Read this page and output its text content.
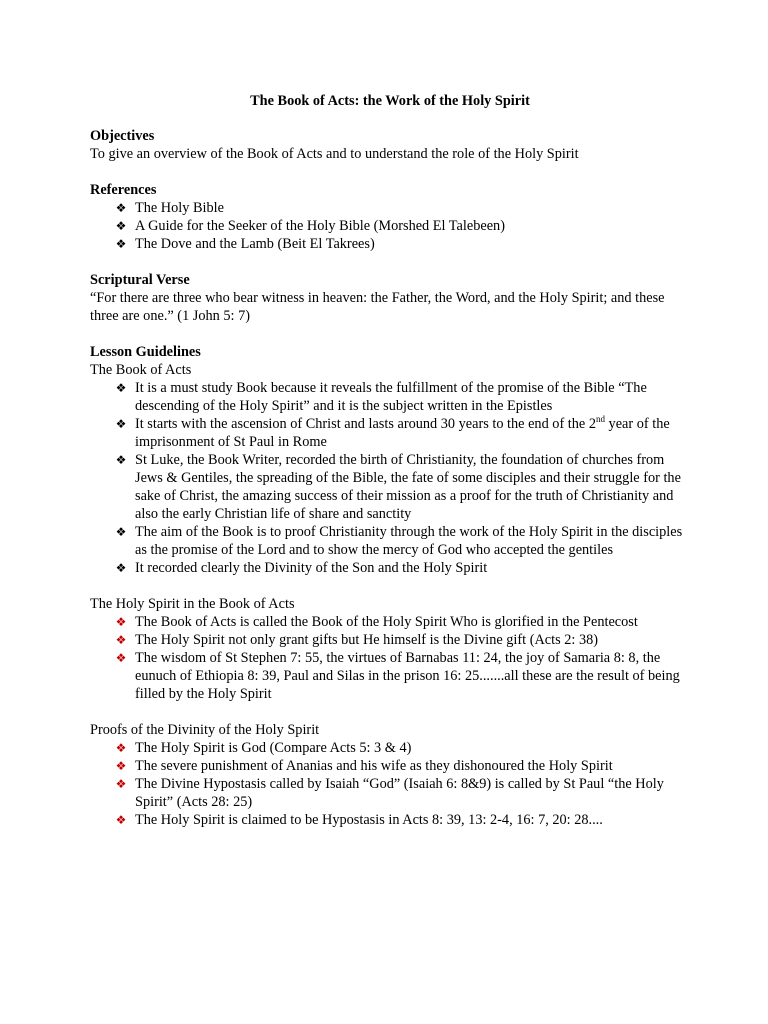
The Book of Acts: the Work of the Holy Spirit

Objectives

To give an overview of the Book of Acts and to understand the role of the Holy Spirit

References

❖ The Holy Bible
❖ A Guide for the Seeker of the Holy Bible (Morshed El Talebeen)
❖ The Dove and the Lamb (Beit El Takrees)

Scriptural Verse

“For there are three who bear witness in heaven: the Father, the Word, and the Holy Spirit; and these three are one.” (1 John 5: 7)

Lesson Guidelines

The Book of Acts

❖ It is a must study Book because it reveals the fulfillment of the promise of the Bible “The descending of the Holy Spirit” and it is the subject written in the Epistles
❖ It starts with the ascension of Christ and lasts around 30 years to the end of the 2nd year of the imprisonment of St Paul in Rome
❖ St Luke, the Book Writer, recorded the birth of Christianity, the foundation of churches from Jews & Gentiles, the spreading of the Bible, the fate of some disciples and their struggle for the sake of Christ, the amazing success of their mission as a proof for the truth of Christianity and also the early Christian life of share and sanctity
❖ The aim of the Book is to proof Christianity through the work of the Holy Spirit in the disciples as the promise of the Lord and to show the mercy of God who accepted the gentiles
❖ It recorded clearly the Divinity of the Son and the Holy Spirit

The Holy Spirit in the Book of Acts

❖ The Book of Acts is called the Book of the Holy Spirit Who is glorified in the Pentecost
❖ The Holy Spirit not only grant gifts but He himself is the Divine gift (Acts 2: 38)
❖ The wisdom of St Stephen 7: 55, the virtues of Barnabas 11: 24, the joy of Samaria 8: 8, the eunuch of Ethiopia 8: 39, Paul and Silas in the prison 16: 25.......all these are the result of being filled by the Holy Spirit

Proofs of the Divinity of the Holy Spirit

❖ The Holy Spirit is God (Compare Acts 5: 3 & 4)
❖ The severe punishment of Ananias and his wife as they dishonoured the Holy Spirit
❖ The Divine Hypostasis called by Isaiah “God” (Isaiah 6: 8&9) is called by St Paul “the Holy Spirit” (Acts 28: 25)
❖ The Holy Spirit is claimed to be Hypostasis in Acts 8: 39, 13: 2-4, 16: 7, 20: 28....
